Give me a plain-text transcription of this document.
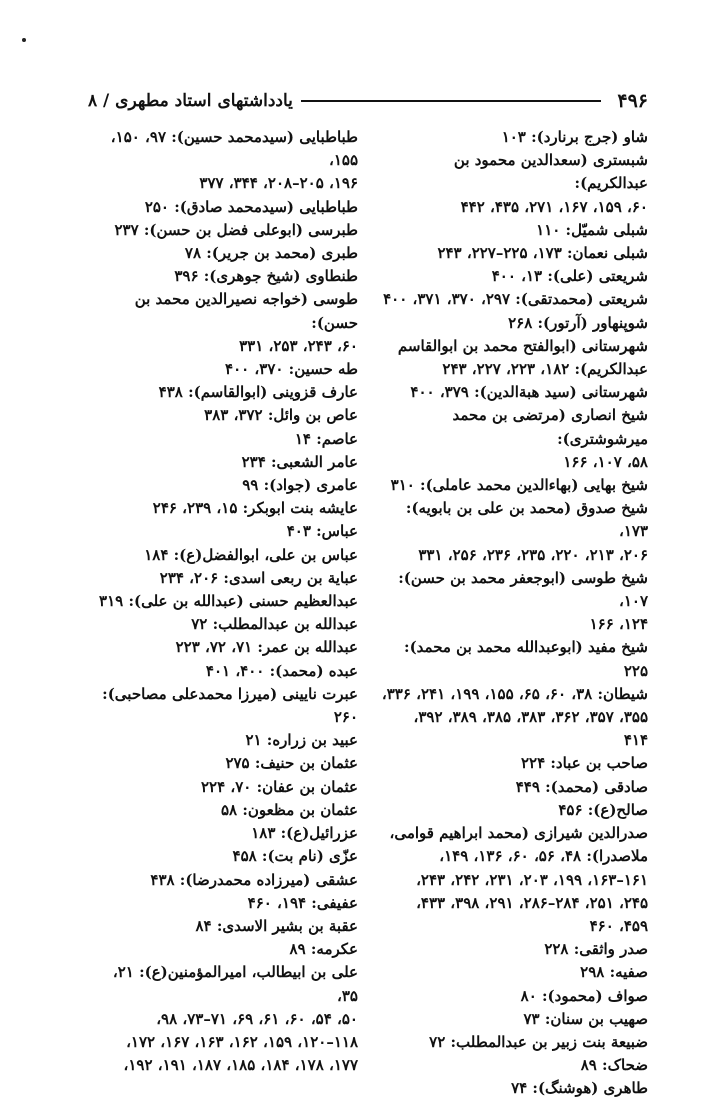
۴۹۶
یادداشتهای استاد مطهری / ۸
شاو (جرج برنارد): ۱۰۳
شبستری (سعدالدین محمود بن عبدالکریم):
۶۰، ۱۵۹، ۱۶۷، ۲۷۱، ۴۳۵، ۴۴۲
شبلی شمیّل: ۱۱۰
شبلی نعمان: ۱۷۳، ۲۲۵–۲۲۷، ۲۴۳
شریعتی (علی): ۱۳، ۴۰۰
شریعتی (محمدتقی): ۲۹۷، ۳۷۰، ۳۷۱، ۴۰۰
شوپنهاور (آرتور): ۲۶۸
شهرستانی (ابوالفتح محمد بن ابوالقاسم
عبدالکریم): ۱۸۲، ۲۲۳، ۲۲۷، ۲۴۳
شهرستانی (سید هبةالدین): ۳۷۹، ۴۰۰
شیخ انصاری (مرتضی بن محمد میرشوشتری):
۵۸، ۱۰۷، ۱۶۶
شیخ بهایی (بهاءالدین محمد عاملی): ۳۱۰
شیخ صدوق (محمد بن علی بن بابویه): ۱۷۳،
۲۰۶، ۲۱۳، ۲۲۰، ۲۳۵، ۲۳۶، ۲۵۶، ۳۳۱
شیخ طوسی (ابوجعفر محمد بن حسن): ۱۰۷،
۱۲۴، ۱۶۶
شیخ مفید (ابوعبدالله محمد بن محمد): ۲۲۵
شیطان: ۳۸، ۶۰، ۶۵، ۱۵۵، ۱۹۹، ۲۴۱، ۳۳۶،
۳۵۵، ۳۵۷، ۳۶۲، ۳۸۳، ۳۸۵، ۳۸۹، ۳۹۲،
۴۱۴
صاحب بن عباد: ۲۲۴
صادقی (محمد): ۴۴۹
صالح(ع): ۴۵۶
صدرالدین شیرازی (محمد ابراهیم قوامی،
ملاصدرا): ۴۸، ۵۶، ۶۰، ۱۳۶، ۱۴۹،
۱۶۱–۱۶۳، ۱۹۹، ۲۰۳، ۲۳۱، ۲۴۲، ۲۴۳،
۲۴۵، ۲۵۱، ۲۸۴–۲۸۶، ۲۹۱، ۳۹۸، ۴۳۳،
۴۵۹، ۴۶۰
صدر واثقی: ۲۲۸
صفیه: ۲۹۸
صواف (محمود): ۸۰
صهیب بن سنان: ۷۳
ضبیعة بنت زبیر بن عبدالمطلب: ۷۲
ضحاک: ۸۹
طاهری (هوشنگ): ۷۴
طباطبایی (سیدمحمد حسین): ۹۷، ۱۵۰، ۱۵۵،
۱۹۶، ۲۰۵–۲۰۸، ۳۴۴، ۳۷۷
طباطبایی (سیدمحمد صادق): ۲۵۰
طبرسی (ابوعلی فضل بن حسن): ۲۳۷
طبری (محمد بن جریر): ۷۸
طنطاوی (شیخ جوهری): ۳۹۶
طوسی (خواجه نصیرالدین محمد بن حسن):
۶۰، ۲۴۳، ۲۵۳، ۳۳۱
طه حسین: ۳۷۰، ۴۰۰
عارف قزوینی (ابوالقاسم): ۴۳۸
عاص بن وائل: ۳۷۲، ۳۸۳
عاصم: ۱۴
عامر الشعبی: ۲۳۴
عامری (جواد): ۹۹
عایشه بنت ابوبکر: ۱۵، ۲۳۹، ۲۴۶
عباس: ۴۰۳
عباس بن علی، ابوالفضل(ع): ۱۸۴
عبایة بن ربعی اسدی: ۲۰۶، ۲۳۴
عبدالعظیم حسنی (عبدالله بن علی): ۳۱۹
عبدالله بن عبدالمطلب: ۷۲
عبدالله بن عمر: ۷۱، ۷۲، ۲۲۳
عبده (محمد): ۴۰۰، ۴۰۱
عبرت نایینی (میرزا محمدعلی مصاحبی): ۲۶۰
عبید بن زراره: ۲۱
عثمان بن حنیف: ۲۷۵
عثمان بن عفان: ۷۰، ۲۲۴
عثمان بن مظعون: ۵۸
عزرائیل(ع): ۱۸۳
عزّی (نام بت): ۴۵۸
عشقی (میرزاده محمدرضا): ۴۳۸
عفیفی: ۱۹۴، ۴۶۰
عقبة بن بشیر الاسدی: ۸۴
عکرمه: ۸۹
علی بن ابیطالب، امیرالمؤمنین(ع): ۲۱، ۳۵،
۵۰، ۵۴، ۶۰، ۶۱، ۶۹، ۷۱–۷۳، ۹۸،
۱۱۸–۱۲۰، ۱۵۹، ۱۶۲، ۱۶۳، ۱۶۷، ۱۷۲،
۱۷۷، ۱۷۸، ۱۸۴، ۱۸۵، ۱۸۷، ۱۹۱، ۱۹۲،
